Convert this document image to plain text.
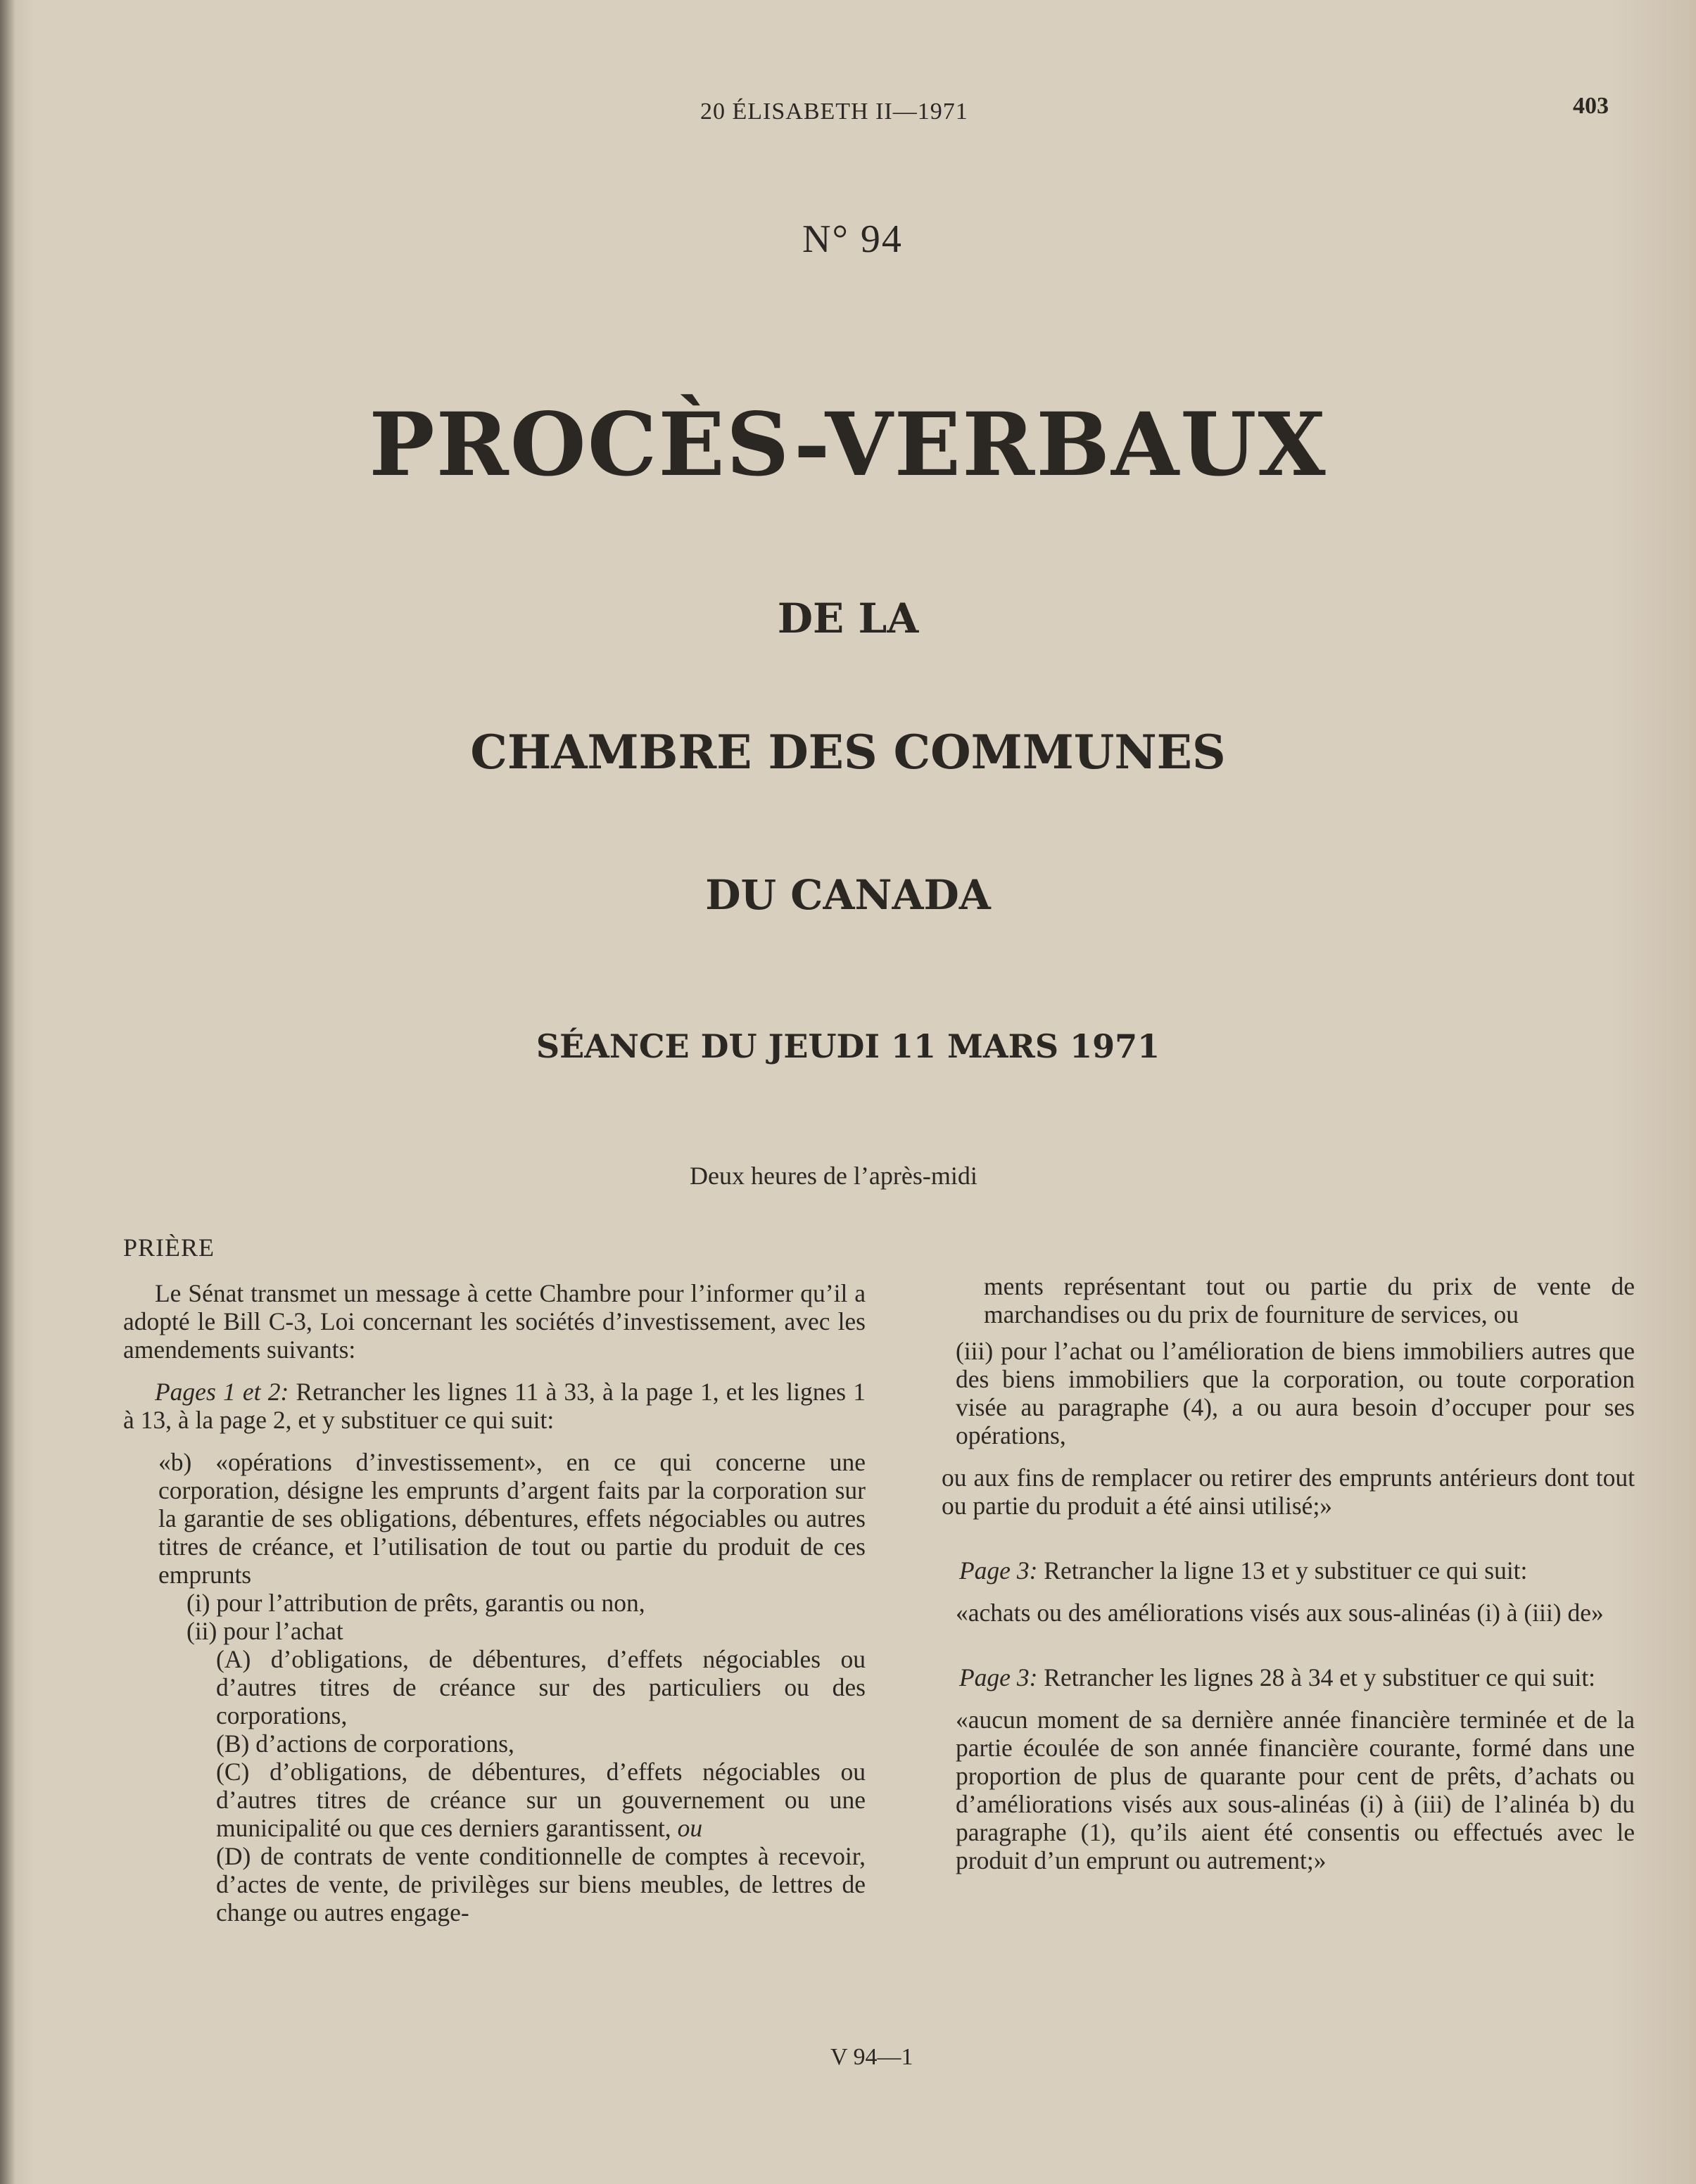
20 ÉLISABETH II—1971	403
N° 94
PROCÈS-VERBAUX
DE LA
CHAMBRE DES COMMUNES
DU CANADA
SÉANCE DU JEUDI 11 MARS 1971
Deux heures de l’après-midi
PRIÈRE

Le Sénat transmet un message à cette Chambre pour l’informer qu’il a adopté le Bill C-3, Loi concernant les sociétés d’investissement, avec les amendements suivants:

Pages 1 et 2: Retrancher les lignes 11 à 33, à la page 1, et les lignes 1 à 13, à la page 2, et y substituer ce qui suit:

«b) «opérations d’investissement», en ce qui concerne une corporation, désigne les emprunts d’argent faits par la corporation sur la garantie de ses obligations, débentures, effets négociables ou autres titres de créance, et l’utilisation de tout ou partie du produit de ces emprunts

(i) pour l’attribution de prêts, garantis ou non,

(ii) pour l’achat

(A) d’obligations, de débentures, d’effets négociables ou d’autres titres de créance sur des particuliers ou des corporations,

(B) d’actions de corporations,

(C) d’obligations, de débentures, d’effets négociables ou d’autres titres de créance sur un gouvernement ou une municipalité ou que ces derniers garantissent, ou

(D) de contrats de vente conditionnelle de comptes à recevoir, d’actes de vente, de privilèges sur biens meubles, de lettres de change ou autres engage-

ments représentant tout ou partie du prix de vente de marchandises ou du prix de fourniture de services, ou

(iii) pour l’achat ou l’amélioration de biens immobiliers autres que des biens immobiliers que la corporation, ou toute corporation visée au paragraphe (4), a ou aura besoin d’occuper pour ses opérations,

ou aux fins de remplacer ou retirer des emprunts antérieurs dont tout ou partie du produit a été ainsi utilisé;»

Page 3: Retrancher la ligne 13 et y substituer ce qui suit:

«achats ou des améliorations visés aux sous-alinéas (i) à (iii) de»

Page 3: Retrancher les lignes 28 à 34 et y substituer ce qui suit:

«aucun moment de sa dernière année financière terminée et de la partie écoulée de son année financière courante, formé dans une proportion de plus de quarante pour cent de prêts, d’achats ou d’améliorations visés aux sous-alinéas (i) à (iii) de l’alinéa b) du paragraphe (1), qu’ils aient été consentis ou effectués avec le produit d’un emprunt ou autrement;»

V 94—1
